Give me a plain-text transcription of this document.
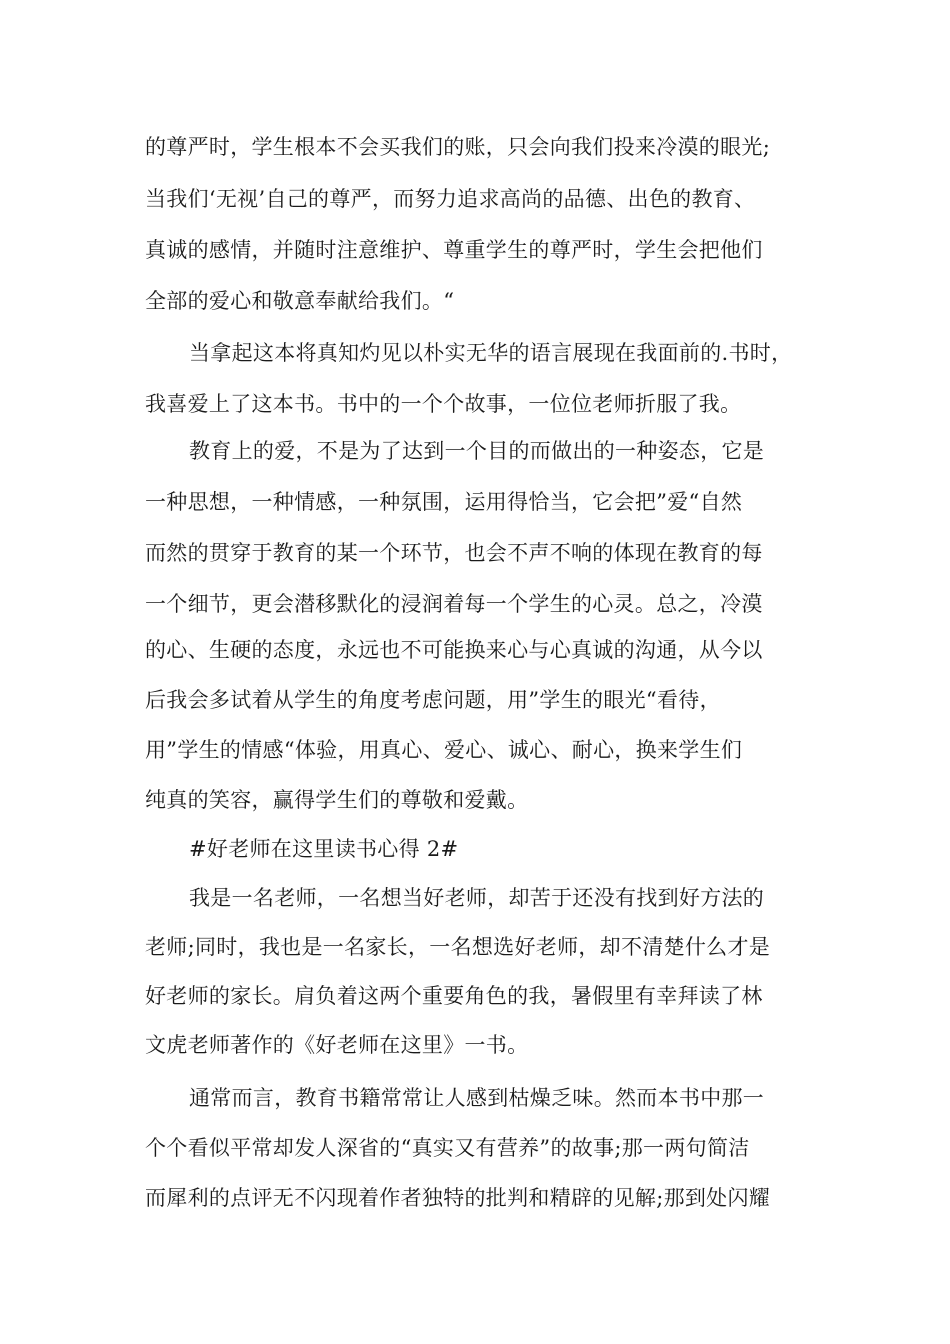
的尊严时，学生根本不会买我们的账，只会向我们投来冷漠的眼光;
当我们‘无视’自己的尊严，而努力追求高尚的品德、出色的教育、
真诚的感情，并随时注意维护、尊重学生的尊严时，学生会把他们
全部的爱心和敬意奉献给我们。“
当拿起这本将真知灼见以朴实无华的语言展现在我面前的.书时，
我喜爱上了这本书。书中的一个个故事，一位位老师折服了我。
教育上的爱，不是为了达到一个目的而做出的一种姿态，它是
一种思想，一种情感，一种氛围，运用得恰当，它会把”爱“自然
而然的贯穿于教育的某一个环节，也会不声不响的体现在教育的每
一个细节，更会潜移默化的浸润着每一个学生的心灵。总之，冷漠
的心、生硬的态度，永远也不可能换来心与心真诚的沟通，从今以
后我会多试着从学生的角度考虑问题，用”学生的眼光“看待，
用”学生的情感“体验，用真心、爱心、诚心、耐心，换来学生们
纯真的笑容，赢得学生们的尊敬和爱戴。
#好老师在这里读书心得 2#
我是一名老师，一名想当好老师，却苦于还没有找到好方法的
老师;同时，我也是一名家长，一名想选好老师，却不清楚什么才是
好老师的家长。肩负着这两个重要角色的我，暑假里有幸拜读了林
文虎老师著作的《好老师在这里》一书。
通常而言，教育书籍常常让人感到枯燥乏味。然而本书中那一
个个看似平常却发人深省的“真实又有营养”的故事;那一两句简洁
而犀利的点评无不闪现着作者独特的批判和精辟的见解;那到处闪耀
